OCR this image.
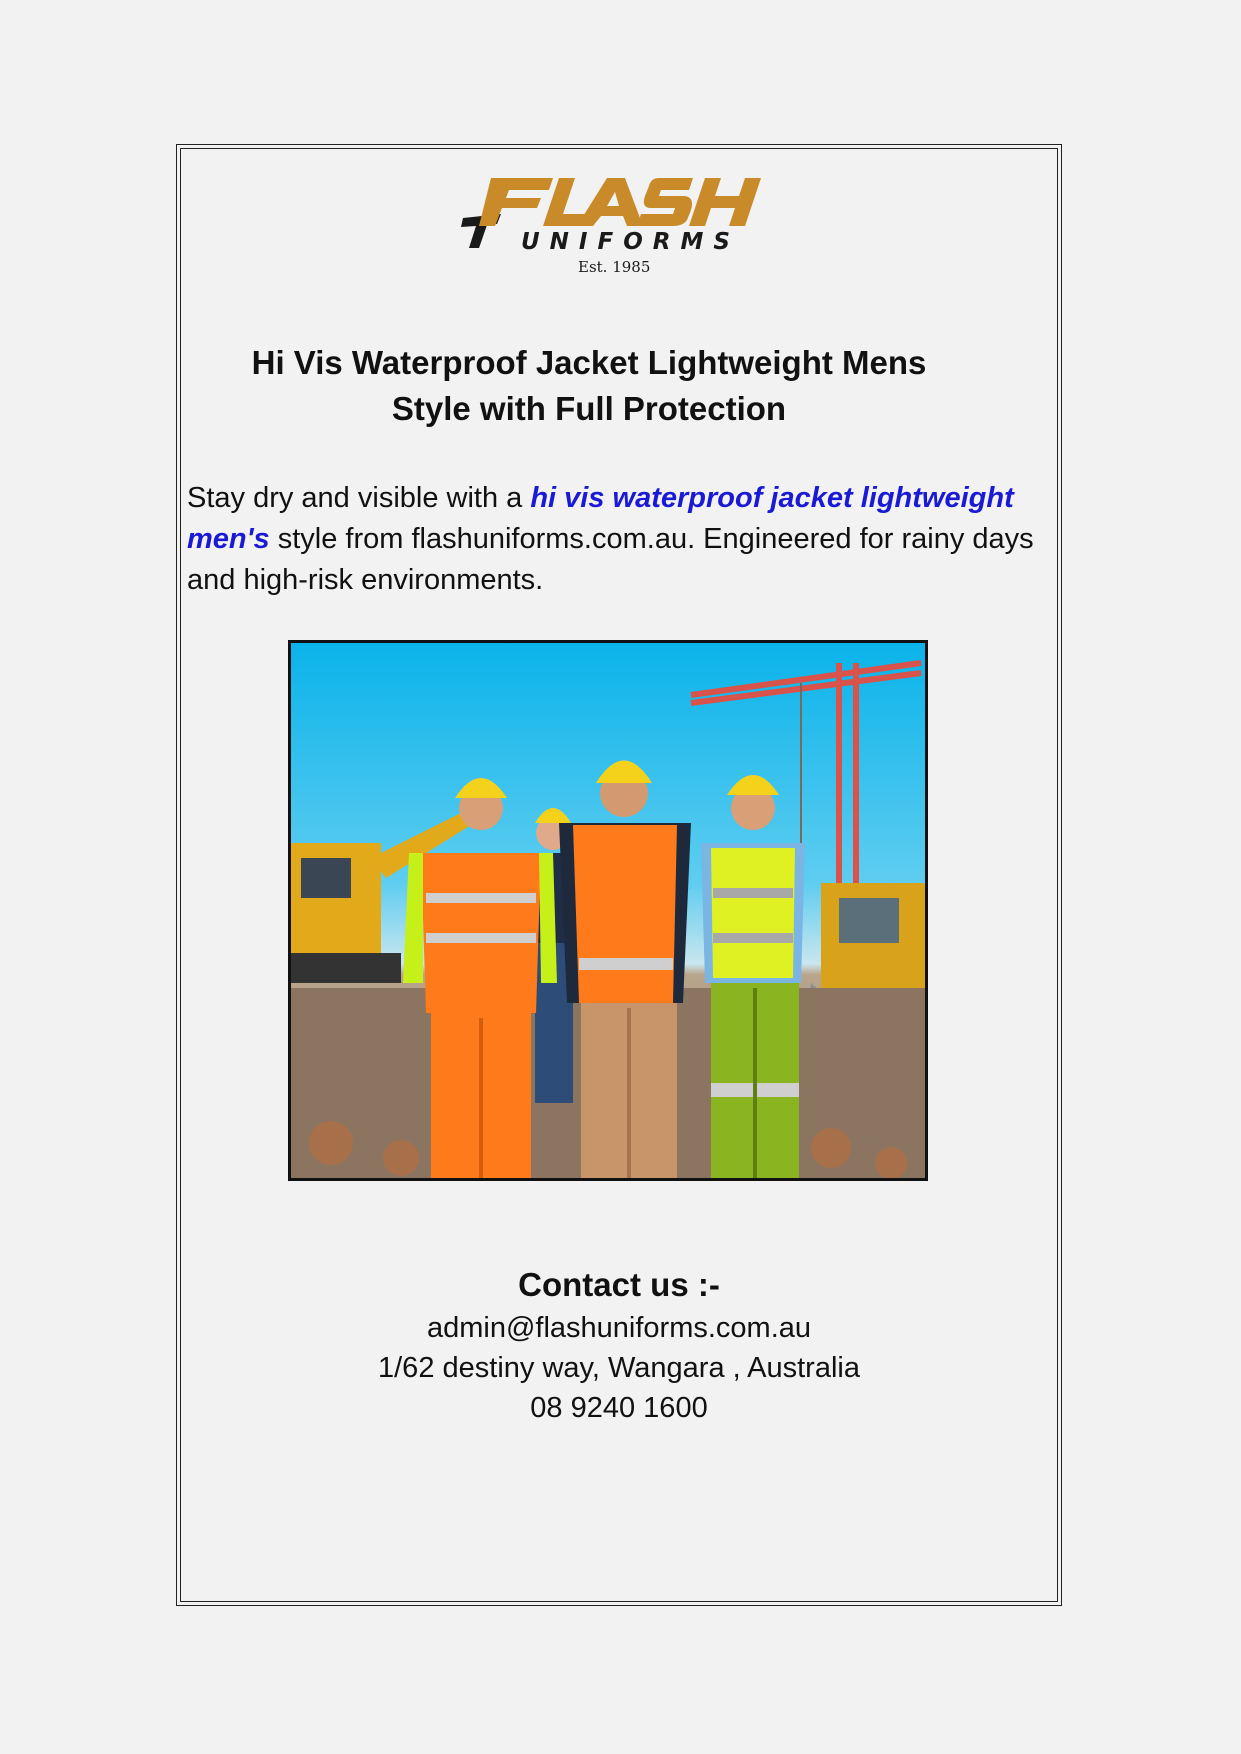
UNIFORMS
Est. 1985
Hi Vis Waterproof Jacket Lightweight Mens
Style with Full Protection

Stay dry and visible with a hi vis waterproof jacket lightweight men's style from flashuniforms.com.au. Engineered for rainy days and high-risk environments.

Contact us :-

admin@flashuniforms.com.au

1/62 destiny way, Wangara , Australia

08 9240 1600
